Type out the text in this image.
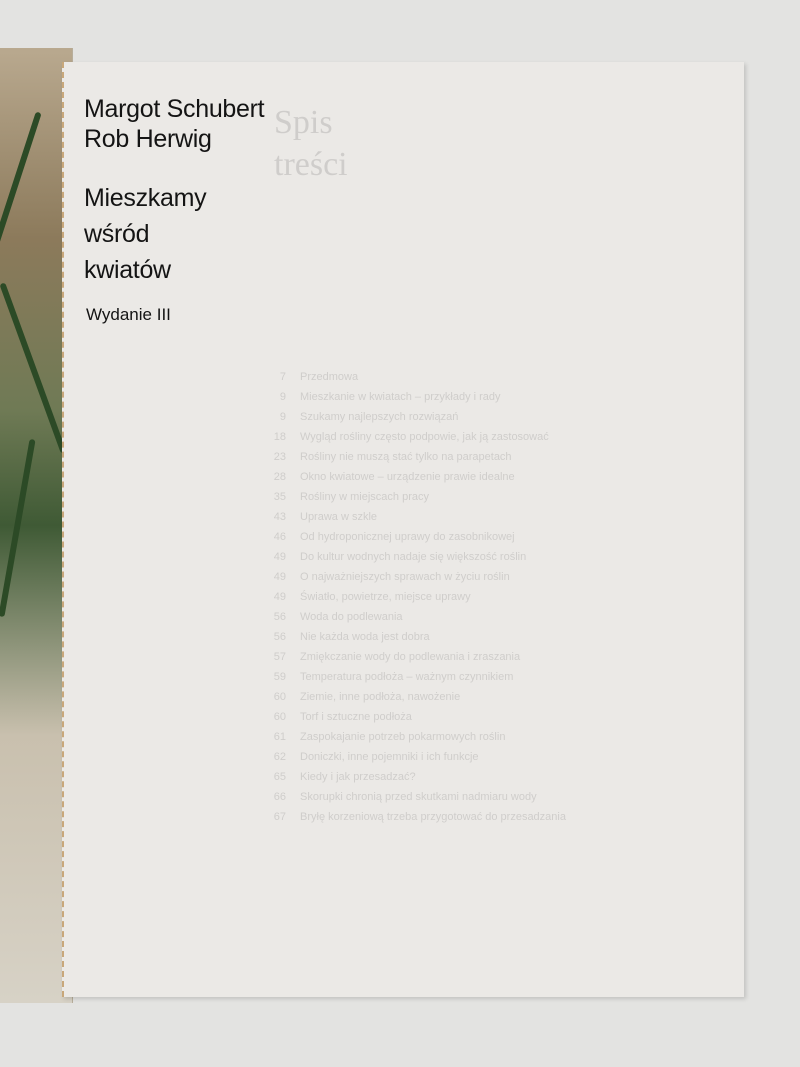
Spis
treści
7 Przedmowa
9 Mieszkanie w kwiatach – przykłady i rady
9 Szukamy najlepszych rozwiązań
18 Wygląd rośliny często podpowie, jak ją zastosować
23 Rośliny nie muszą stać tylko na parapetach
28 Okno kwiatowe – urządzenie prawie idealne
35 Rośliny w miejscach pracy
43 Uprawa w szkle
46 Od hydroponicznej uprawy do zasobnikowej
49 Do kultur wodnych nadaje się większość roślin
49 O najważniejszych sprawach w życiu roślin
49 Światło, powietrze, miejsce uprawy
56 Woda do podlewania
56 Nie każda woda jest dobra
57 Zmiękczanie wody do podlewania i zraszania
59 Temperatura podłoża – ważnym czynnikiem
60 Ziemie, inne podłoża, nawożenie
60 Torf i sztuczne podłoża
61 Zaspokajanie potrzeb pokarmowych roślin
62 Doniczki, inne pojemniki i ich funkcje
65 Kiedy i jak przesadzać?
66 Skorupki chronią przed skutkami nadmiaru wody
67 Bryłę korzeniową trzeba przygotować do przesadzania
Margot Schubert
Rob Herwig
Mieszkamy
wśród
kwiatów
Wydanie III
